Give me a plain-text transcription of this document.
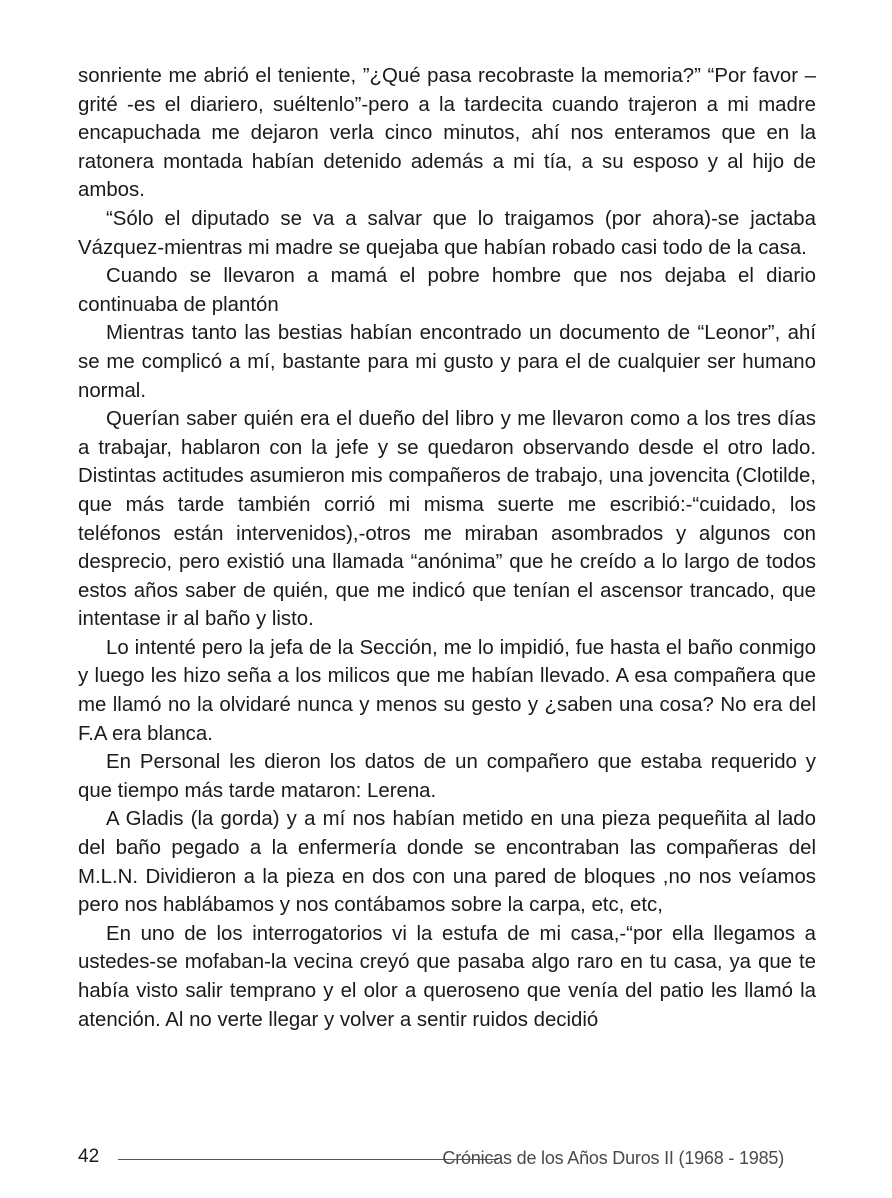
sonriente me abrió el teniente, ”¿Qué pasa recobraste la memoria?” “Por favor –grité -es el diariero, suéltenlo”-pero a la tardecita cuando trajeron a mi madre encapuchada me dejaron verla cinco minutos, ahí nos enteramos que en la ratonera montada habían detenido además a mi tía, a su esposo y al hijo de ambos.

“Sólo el diputado se va a salvar que lo traigamos (por ahora)-se jactaba Vázquez-mientras mi madre se quejaba que habían robado casi todo de la casa.

Cuando se llevaron a mamá el pobre hombre que nos dejaba el diario continuaba de plantón

Mientras tanto las bestias habían encontrado un documento de “Leonor”, ahí se me complicó a mí, bastante para mi gusto y para el de cualquier ser humano normal.

Querían saber quién era el dueño del libro y me llevaron como a los tres días a trabajar, hablaron con la jefe y se quedaron observando desde el otro lado. Distintas actitudes asumieron mis compañeros de trabajo, una jovencita (Clotilde, que más tarde también corrió mi misma suerte me escribió:-“cuidado, los teléfonos están intervenidos),-otros me miraban asombrados y algunos con desprecio, pero existió una llamada “anónima” que he creído a lo largo de todos estos años saber de quién, que me indicó que tenían el ascensor trancado, que intentase ir al baño y listo.

Lo intenté pero la jefa de la Sección, me lo impidió, fue hasta el baño conmigo y luego les hizo seña a los milicos que me habían llevado. A esa compañera que me llamó no la olvidaré nunca y menos su gesto y ¿saben una cosa? No era del F.A era blanca.

En Personal les dieron los datos de un compañero que estaba requerido y que tiempo más tarde mataron: Lerena.

A Gladis (la gorda) y a mí nos habían metido en una pieza pequeñita al lado del baño pegado a la enfermería donde se encontraban las compañeras del M.L.N. Dividieron a la pieza en dos con una pared de bloques ,no nos veíamos pero nos hablábamos y nos contábamos sobre la carpa, etc, etc,

En uno de los interrogatorios vi la estufa de mi casa,-“por ella llegamos a ustedes-se mofaban-la vecina creyó que pasaba algo raro en tu casa, ya que te había visto salir temprano y el olor a queroseno que venía del patio les llamó la atención. Al no verte llegar y volver a sentir ruidos decidió

42	Crónicas de los Años Duros II (1968 - 1985)
